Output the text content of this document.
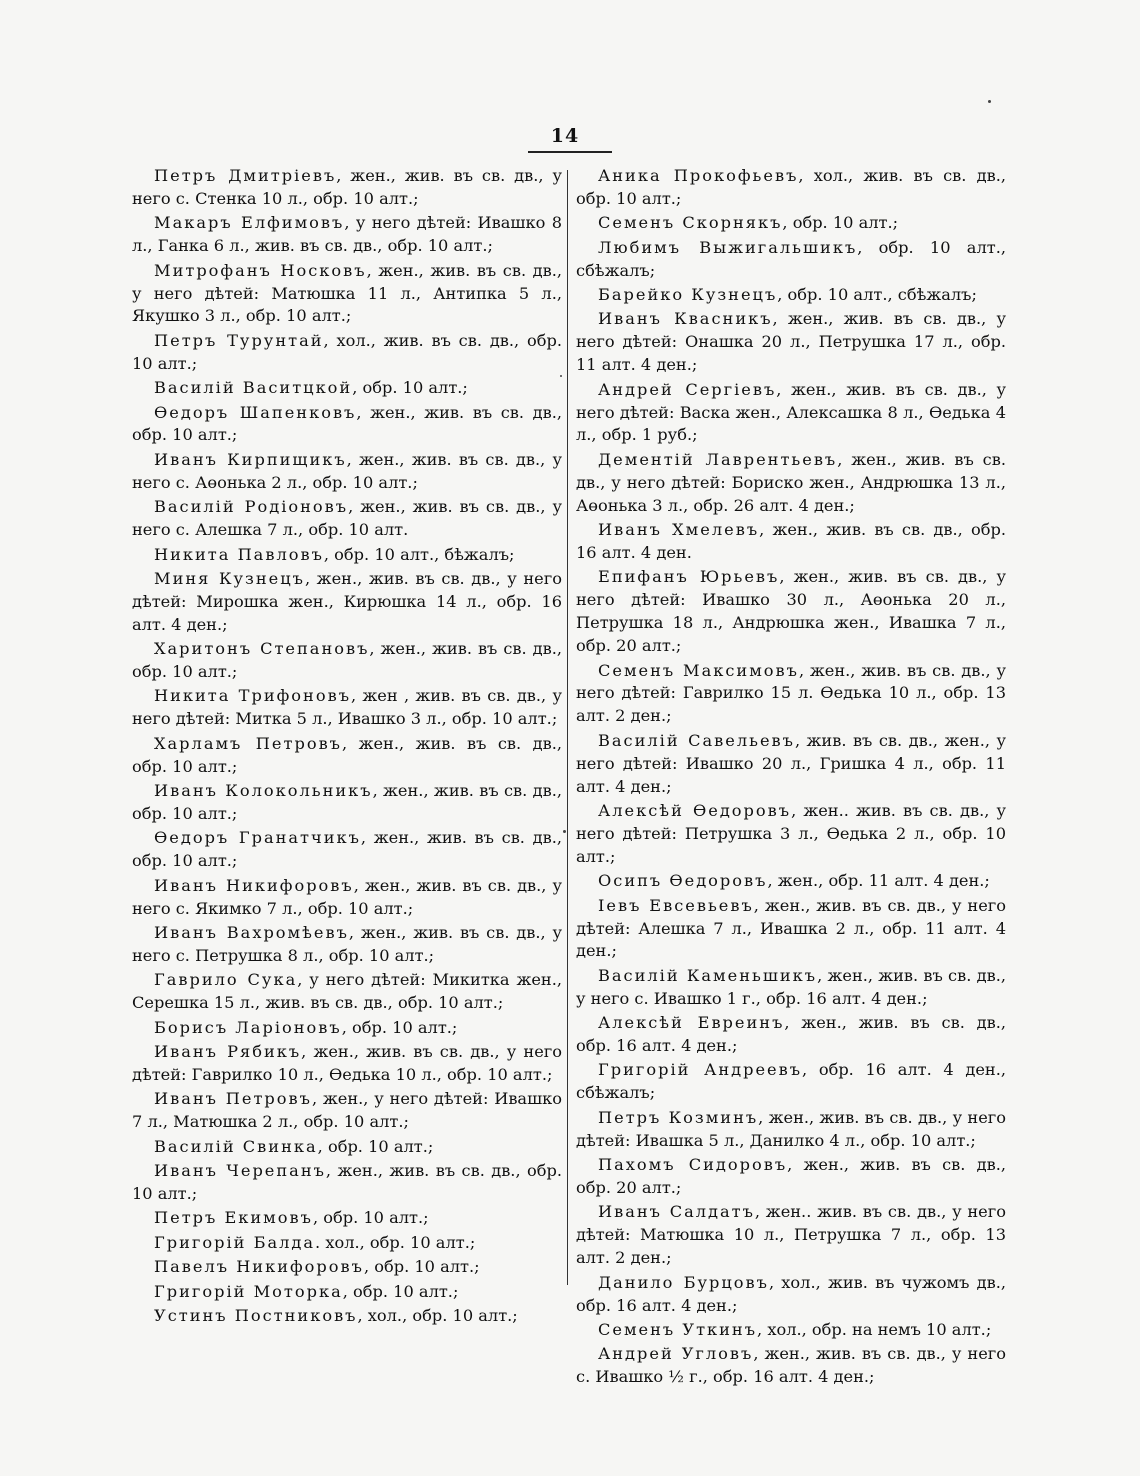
14

Петръ Дмитріевъ, жен., жив. въ св. дв., у него с. Стенка 10 л., обр. 10 алт.;

Макаръ Елфимовъ, у него дѣтей: Ивашко 8 л., Ганка 6 л., жив. въ св. дв., обр. 10 алт.;

Митрофанъ Носковъ, жен., жив. въ св. дв., у него дѣтей: Матюшка 11 л., Антипка 5 л., Якушко 3 л., обр. 10 алт.;

Петръ Турунтай, хол., жив. въ св. дв., обр. 10 алт.;

Василій Васитцкой, обр. 10 алт.;

Өедоръ Шапенковъ, жен., жив. въ св. дв., обр. 10 алт.;

Иванъ Кирпищикъ, жен., жив. въ св. дв., у него с. Аөонька 2 л., обр. 10 алт.;

Василій Родіоновъ, жен., жив. въ св. дв., у него с. Алешка 7 л., обр. 10 алт.

Никита Павловъ, обр. 10 алт., бѣжалъ;

Миня Кузнецъ, жен., жив. въ св. дв., у него дѣтей: Мирошка жен., Кирюшка 14 л., обр. 16 алт. 4 ден.;

Харитонъ Степановъ, жен., жив. въ св. дв., обр. 10 алт.;

Никита Трифоновъ, жен , жив. въ св. дв., у него дѣтей: Митка 5 л., Ивашко 3 л., обр. 10 алт.;

Харламъ Петровъ, жен., жив. въ св. дв., обр. 10 алт.;

Иванъ Колокольникъ, жен., жив. въ св. дв., обр. 10 алт.;

Өедоръ Гранатчикъ, жен., жив. въ св. дв., обр. 10 алт.;

Иванъ Никифоровъ, жен., жив. въ св. дв., у него с. Якимко 7 л., обр. 10 алт.;

Иванъ Вахромѣевъ, жен., жив. въ св. дв., у него с. Петрушка 8 л., обр. 10 алт.;

Гаврило Сука, у него дѣтей: Микитка жен., Серешка 15 л., жив. въ св. дв., обр. 10 алт.;

Борисъ Ларіоновъ, обр. 10 алт.;

Иванъ Рябикъ, жен., жив. въ св. дв., у него дѣтей: Гаврилко 10 л., Өедька 10 л., обр. 10 алт.;

Иванъ Петровъ, жен., у него дѣтей: Ивашко 7 л., Матюшка 2 л., обр. 10 алт.;

Василій Свинка, обр. 10 алт.;

Иванъ Черепанъ, жен., жив. въ св. дв., обр. 10 алт.;

Петръ Екимовъ, обр. 10 алт.;

Григорій Балда. хол., обр. 10 алт.;

Павелъ Никифоровъ, обр. 10 алт.;

Григорій Моторка, обр. 10 алт.;

Устинъ Постниковъ, хол., обр. 10 алт.;

Аника Прокофьевъ, хол., жив. въ св. дв., обр. 10 алт.;

Семенъ Скорнякъ, обр. 10 алт.;

Любимъ Выжигальшикъ, обр. 10 алт., сбѣжалъ;

Барейко Кузнецъ, обр. 10 алт., сбѣжалъ;

Иванъ Квасникъ, жен., жив. въ св. дв., у него дѣтей: Онашка 20 л., Петрушка 17 л., обр. 11 алт. 4 ден.;

Андрей Сергіевъ, жен., жив. въ св. дв., у него дѣтей: Васка жен., Алексашка 8 л., Өедька 4 л., обр. 1 руб.;

Дементій Лаврентьевъ, жен., жив. въ св. дв., у него дѣтей: Бориско жен., Андрюшка 13 л., Аөонька 3 л., обр. 26 алт. 4 ден.;

Иванъ Хмелевъ, жен., жив. въ св. дв., обр. 16 алт. 4 ден.

Епифанъ Юрьевъ, жен., жив. въ св. дв., у него дѣтей: Ивашко 30 л., Аөонька 20 л., Петрушка 18 л., Андрюшка жен., Ивашка 7 л., обр. 20 алт.;

Семенъ Максимовъ, жен., жив. въ св. дв., у него дѣтей: Гаврилко 15 л. Өедька 10 л., обр. 13 алт. 2 ден.;

Василій Савельевъ, жив. въ св. дв., жен., у него дѣтей: Ивашко 20 л., Гришка 4 л., обр. 11 алт. 4 ден.;

Алексѣй Өедоровъ, жен.. жив. въ св. дв., у него дѣтей: Петрушка 3 л., Өедька 2 л., обр. 10 алт.;

Осипъ Өедоровъ, жен., обр. 11 алт. 4 ден.;

Іевъ Евсевьевъ, жен., жив. въ св. дв., у него дѣтей: Алешка 7 л., Ивашка 2 л., обр. 11 алт. 4 ден.;

Василій Каменьшикъ, жен., жив. въ св. дв., у него с. Ивашко 1 г., обр. 16 алт. 4 ден.;

Алексѣй Евреинъ, жен., жив. въ св. дв., обр. 16 алт. 4 ден.;

Григорій Андреевъ, обр. 16 алт. 4 ден., сбѣжалъ;

Петръ Козминъ, жен., жив. въ св. дв., у него дѣтей: Ивашка 5 л., Данилко 4 л., обр. 10 алт.;

Пахомъ Сидоровъ, жен., жив. въ св. дв., обр. 20 алт.;

Иванъ Салдатъ, жен.. жив. въ св. дв., у него дѣтей: Матюшка 10 л., Петрушка 7 л., обр. 13 алт. 2 ден.;

Данило Бурцовъ, хол., жив. въ чужомъ дв., обр. 16 алт. 4 ден.;

Семенъ Уткинъ, хол., обр. на немъ 10 алт.;

Андрей Угловъ, жен., жив. въ св. дв., у него с. Ивашко ½ г., обр. 16 алт. 4 ден.;
